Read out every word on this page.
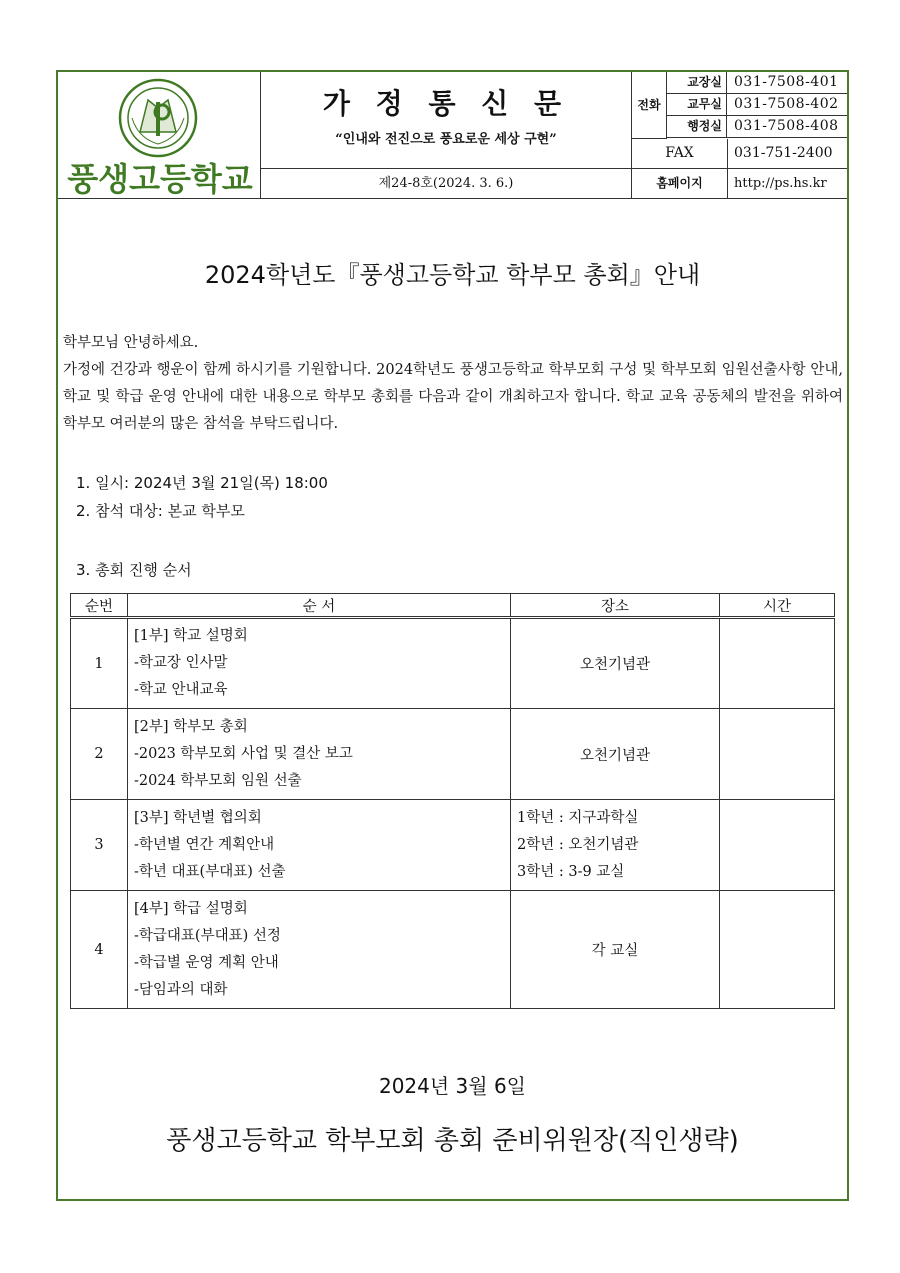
풍생고등학교
가 정 통 신 문
“인내와 전진으로 풍요로운 세상 구현”
제24-8호(2024. 3. 6.)
전화
교장실 031-7508-401
교무실 031-7508-402
행정실 031-7508-408
FAX	031-751-2400
홈페이지	http://ps.hs.kr
2024학년도『풍생고등학교 학부모 총회』안내

학부모님 안녕하세요.

가정에 건강과 행운이 함께 하시기를 기원합니다. 2024학년도 풍생고등학교 학부모회 구성 및 학부모회 임원선출사항 안내, 학교 및 학급 운영 안내에 대한 내용으로 학부모 총회를 다음과 같이 개최하고자 합니다. 학교 교육 공동체의 발전을 위하여 학부모 여러분의 많은 참석을 부탁드립니다.

1. 일시: 2024년 3월 21일(목) 18:00
2. 참석 대상: 본교 학부모
3. 총회 진행 순서
순번	순 서	장소	시간
1	[1부] 학교 설명회
-학교장 인사말
-학교 안내교육	오천기념관	
2	[2부] 학부모 총회
-2023 학부모회 사업 및 결산 보고
-2024 학부모회 임원 선출	오천기념관	
3	[3부] 학년별 협의회
-학년별 연간 계획안내
-학년 대표(부대표) 선출	1학년 : 지구과학실
2학년 : 오천기념관
3학년 : 3-9 교실	

4	[4부] 학급 설명회
-학급대표(부대표) 선정
-학급별 운영 계획 안내
-담임과의 대화	각 교실	
2024년 3월 6일
풍생고등학교 학부모회 총회 준비위원장(직인생략)
